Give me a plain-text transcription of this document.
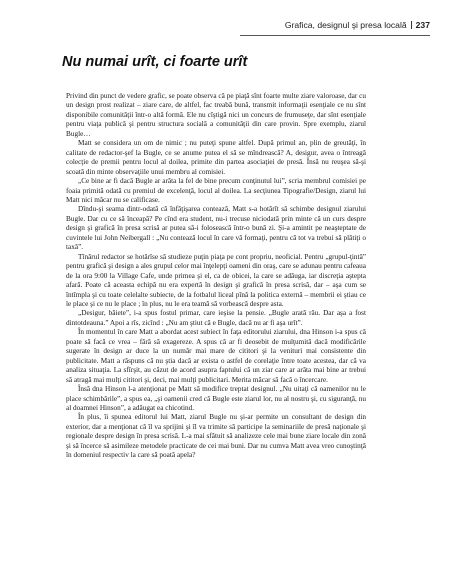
Grafica, designul şi presa locală 237
Nu numai urît, ci foarte urît

Privind din punct de vedere grafic, se poate observa că pe piaţă sînt foarte multe ziare valoroase, dar cu un design prost realizat – ziare care, de altfel, fac treabă bună, transmit informaţii esenţiale ce nu sînt disponibile comunităţii într-o altă formă. Ele nu cîştigă nici un concurs de frumuseţe, dar sînt esenţiale pentru viaţa publică şi pentru structura socială a comunităţii din care provin. Spre exemplu, ziarul Bugle…

Matt se considera un om de nimic ; nu puteţi spune altfel. După primul an, plin de greutăţi, în calitate de redactor-şef la Bugle, ce se anume putea el să se mîndrească? A, desigur, avea o întreagă colecţie de premii pentru locul al doilea, primite din partea asociaţiei de presă. Însă nu reuşea să-şi scoată din minte observaţiile unui membru al comisiei.

„Ce bine ar fi dacă Bugle ar arăta la fel de bine precum conţinutul lui”, scria membrul comisiei pe foaia primită odată cu premiul de excelenţă, locul al doilea. La secţiunea Tipografie/Design, ziarul lui Matt nici măcar nu se calificase.

Dîndu-şi seama dintr-odată că înfăţişarea contează, Matt s-a hotărît să schimbe designul ziarului Bugle. Dar cu ce să înceapă? Pe cînd era student, nu-i trecuse niciodată prin minte că un curs despre design şi grafică în presa scrisă ar putea să-i folosească într-o bună zi. Şi-a amintit pe neaşteptate de cuvintele lui John Neibergall : „Nu contează locul în care vă formaţi, pentru că tot va trebui să plătiţi o taxă”.

Tînărul redactor se hotărîse să studieze puţin piaţa pe cont propriu, neoficial. Pentru „grupul-ţintă” pentru grafică şi design a ales grupul celor mai înţelepţi oameni din oraş, care se adunau pentru cafeaua de la ora 9:00 la Village Cafe, unde primea şi el, ca de obicei, la care se adăuga, iar discreţia aştepta afară. Poate că aceasta echipă nu era expertă în design şi grafică în presa scrisă, dar – aşa cum se întîmpla şi cu toate celelalte subiecte, de la fotbalul liceal pînă la politica externă – membrii ei ştiau ce le place şi ce nu le place ; în plus, nu le era teamă să vorbească despre asta.

„Desigur, băiete”, i-a spus fostul primar, care ieşise la pensie. „Bugle arată rău. Dar aşa a fost dintotdeauna.” Apoi a rîs, zicînd : „Nu am ştiut că e Bugle, dacă nu ar fi aşa urît”.

În momentul în care Matt a abordat acest subiect în faţa editorului ziarului, dna Hinson i-a spus că poate să facă ce vrea – fără să exagereze. A spus că ar fi deosebit de mulţumită dacă modificările sugerate în design ar duce la un număr mai mare de cititori şi la venituri mai consistente din publicitate. Matt a răspuns că nu ştia dacă ar exista o astfel de corelaţie între toate acestea, dar că va analiza situaţia. La sfîrşit, au căzut de acord asupra faptului că un ziar care ar arăta mai bine ar trebui să atragă mai mulţi cititori şi, deci, mai mulţi publicitari. Merita măcar să facă o încercare.

Însă dna Hinson l-a atenţionat pe Matt să modifice treptat designul. „Nu uitaţi că oamenilor nu le place schimbările”, a spus ea, „şi oamenii cred că Bugle este ziarul lor, nu al nostru şi, cu siguranţă, nu al doamnei Hinson”, a adăugat ea chicotind.

În plus, îi spunea editorul lui Matt, ziarul Bugle nu şi-ar permite un consultant de design din exterior, dar a menţionat că îl va sprijini şi îl va trimite să participe la seminariile de presă naţionale şi regionale despre design în presa scrisă. L-a mai sfătuit să analizeze cele mai bune ziare locale din zonă şi să încerce să asimileze metodele practicate de cei mai buni. Dar nu cumva Matt avea vreo cunoştinţă în domeniul respectiv la care să poată apela?
